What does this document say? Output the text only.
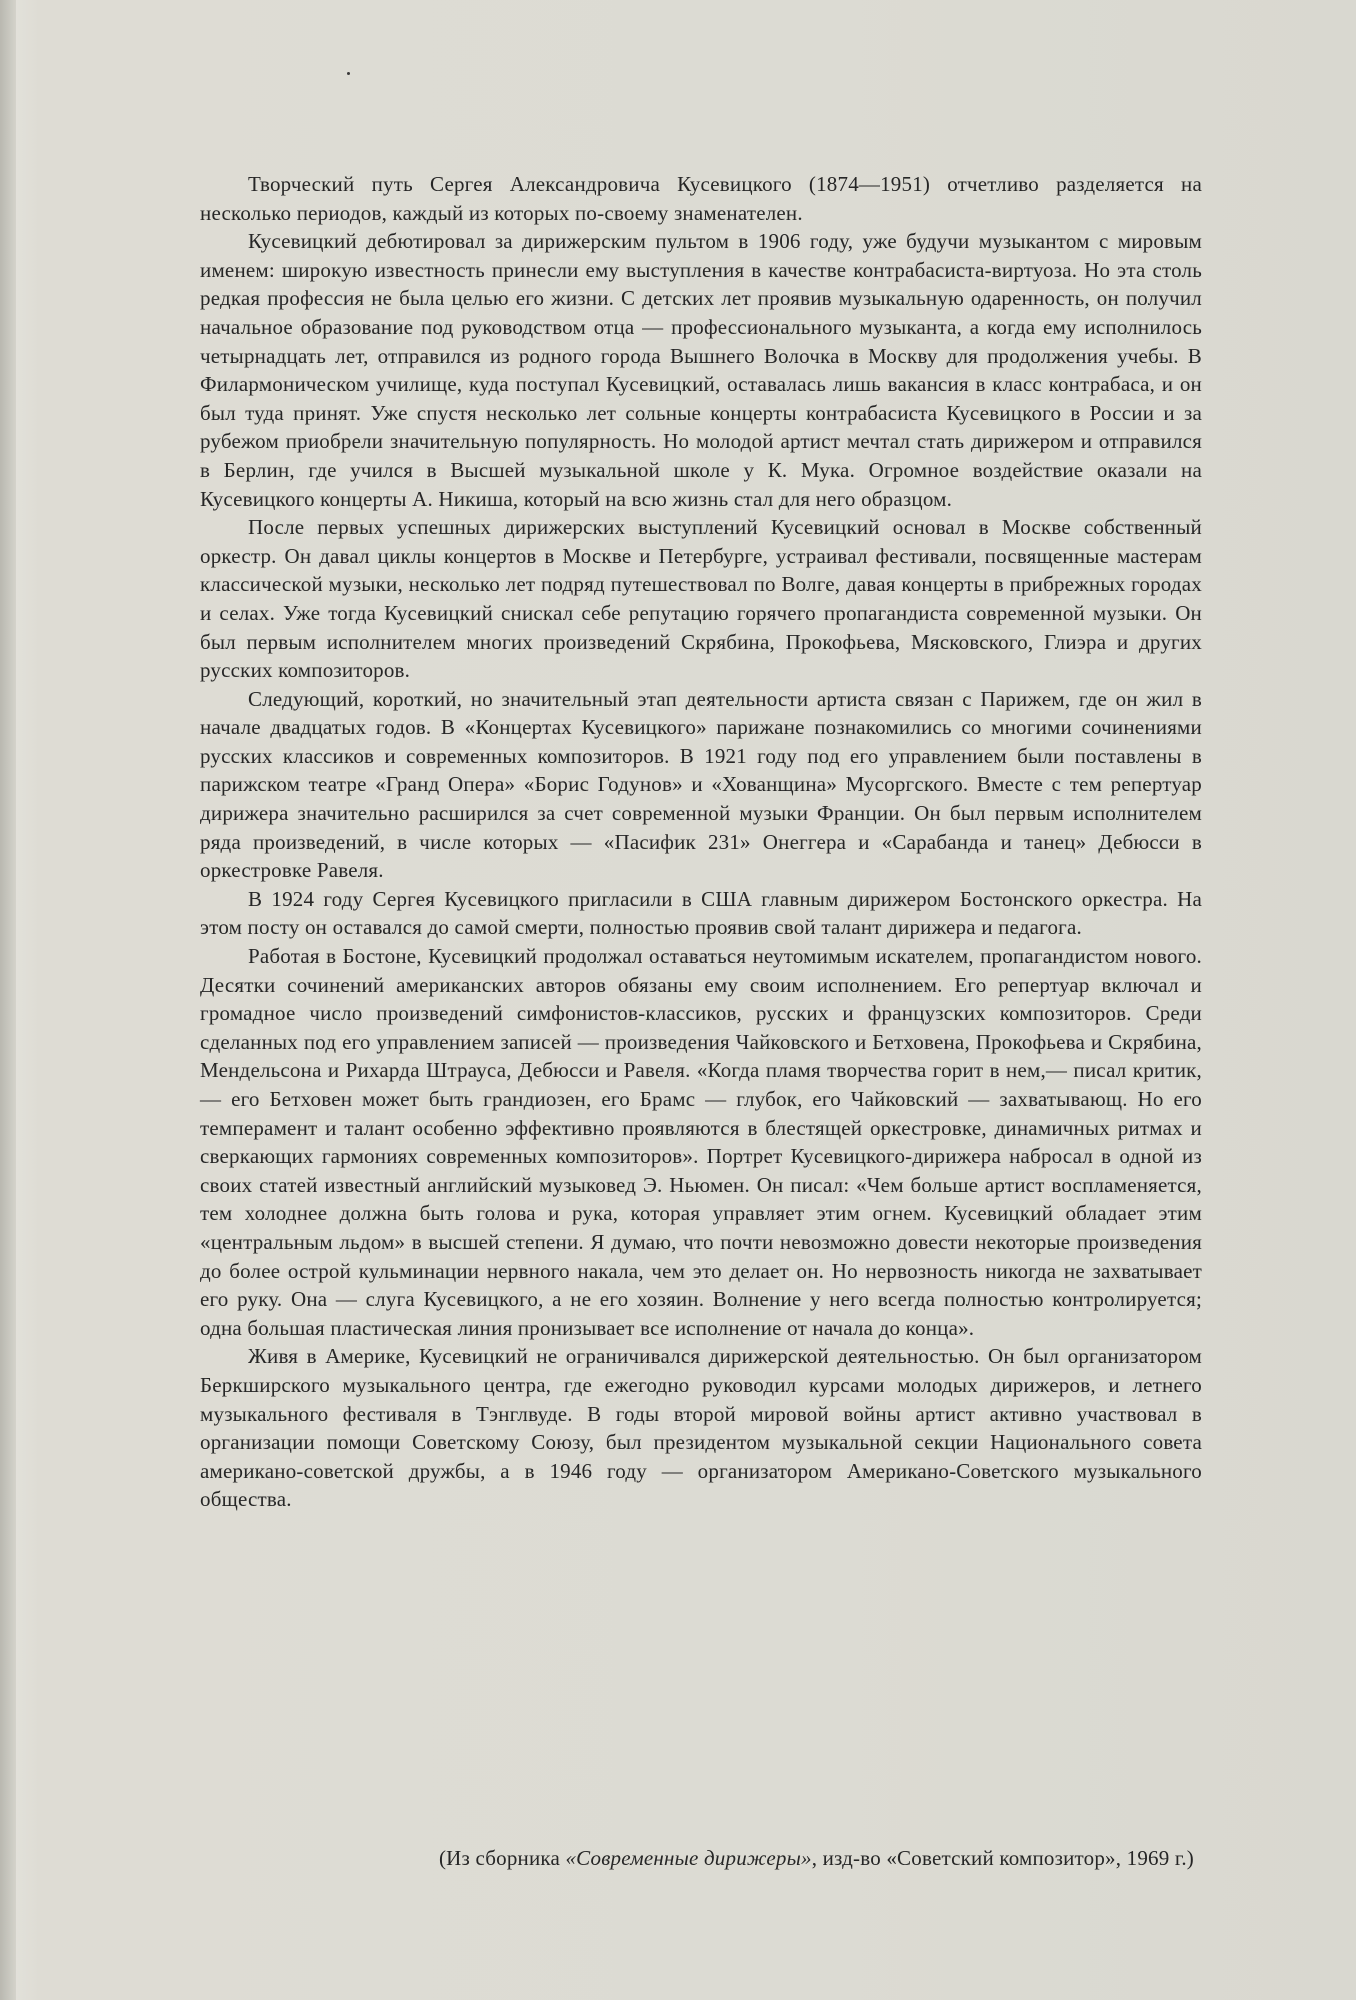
Творческий путь Сергея Александровича Кусевицкого (1874—1951) отчетливо разделяется на несколько периодов, каждый из которых по-своему знаменателен.

Кусевицкий дебютировал за дирижерским пультом в 1906 году, уже будучи музыкантом с мировым именем: широкую известность принесли ему выступления в качестве контрабасиста-виртуоза. Но эта столь редкая профессия не была целью его жизни. С детских лет проявив музыкальную одаренность, он получил начальное образование под руководством отца — профессионального музыканта, а когда ему исполнилось четырнадцать лет, отправился из родного города Вышнего Волочка в Москву для продолжения учебы. В Филармоническом училище, куда поступал Кусевицкий, оставалась лишь вакансия в класс контрабаса, и он был туда принят. Уже спустя несколько лет сольные концерты контрабасиста Кусевицкого в России и за рубежом приобрели значительную популярность. Но молодой артист мечтал стать дирижером и отправился в Берлин, где учился в Высшей музыкальной школе у К. Мука. Огромное воздействие оказали на Кусевицкого концерты А. Никиша, который на всю жизнь стал для него образцом.

После первых успешных дирижерских выступлений Кусевицкий основал в Москве собственный оркестр. Он давал циклы концертов в Москве и Петербурге, устраивал фестивали, посвященные мастерам классической музыки, несколько лет подряд путешествовал по Волге, давая концерты в прибрежных городах и селах. Уже тогда Кусевицкий снискал себе репутацию горячего пропагандиста современной музыки. Он был первым исполнителем многих произведений Скрябина, Прокофьева, Мясковского, Глиэра и других русских композиторов.

Следующий, короткий, но значительный этап деятельности артиста связан с Парижем, где он жил в начале двадцатых годов. В «Концертах Кусевицкого» парижане познакомились со многими сочинениями русских классиков и современных композиторов. В 1921 году под его управлением были поставлены в парижском театре «Гранд Опера» «Борис Годунов» и «Хованщина» Мусоргского. Вместе с тем репертуар дирижера значительно расширился за счет современной музыки Франции. Он был первым исполнителем ряда произведений, в числе которых — «Пасифик 231» Онеггера и «Сарабанда и танец» Дебюсси в оркестровке Равеля.

В 1924 году Сергея Кусевицкого пригласили в США главным дирижером Бостонского оркестра. На этом посту он оставался до самой смерти, полностью проявив свой талант дирижера и педагога.

Работая в Бостоне, Кусевицкий продолжал оставаться неутомимым искателем, пропагандистом нового. Десятки сочинений американских авторов обязаны ему своим исполнением. Его репертуар включал и громадное число произведений симфонистов-классиков, русских и французских композиторов. Среди сделанных под его управлением записей — произведения Чайковского и Бетховена, Прокофьева и Скрябина, Мендельсона и Рихарда Штрауса, Дебюсси и Равеля. «Когда пламя творчества горит в нем,— писал критик,— его Бетховен может быть грандиозен, его Брамс — глубок, его Чайковский — захватывающ. Но его темперамент и талант особенно эффективно проявляются в блестящей оркестровке, динамичных ритмах и сверкающих гармониях современных композиторов». Портрет Кусевицкого-дирижера набросал в одной из своих статей известный английский музыковед Э. Ньюмен. Он писал: «Чем больше артист воспламеняется, тем холоднее должна быть голова и рука, которая управляет этим огнем. Кусевицкий обладает этим «центральным льдом» в высшей степени. Я думаю, что почти невозможно довести некоторые произведения до более острой кульминации нервного накала, чем это делает он. Но нервозность никогда не захватывает его руку. Она — слуга Кусевицкого, а не его хозяин. Волнение у него всегда полностью контролируется; одна большая пластическая линия пронизывает все исполнение от начала до конца».

Живя в Америке, Кусевицкий не ограничивался дирижерской деятельностью. Он был организатором Беркширского музыкального центра, где ежегодно руководил курсами молодых дирижеров, и летнего музыкального фестиваля в Тэнглвуде. В годы второй мировой войны артист активно участвовал в организации помощи Советскому Союзу, был президентом музыкальной секции Национального совета американо-советской дружбы, а в 1946 году — организатором Американо-Советского музыкального общества.

(Из сборника «Современные дирижеры», изд-во «Советский композитор», 1969 г.)
